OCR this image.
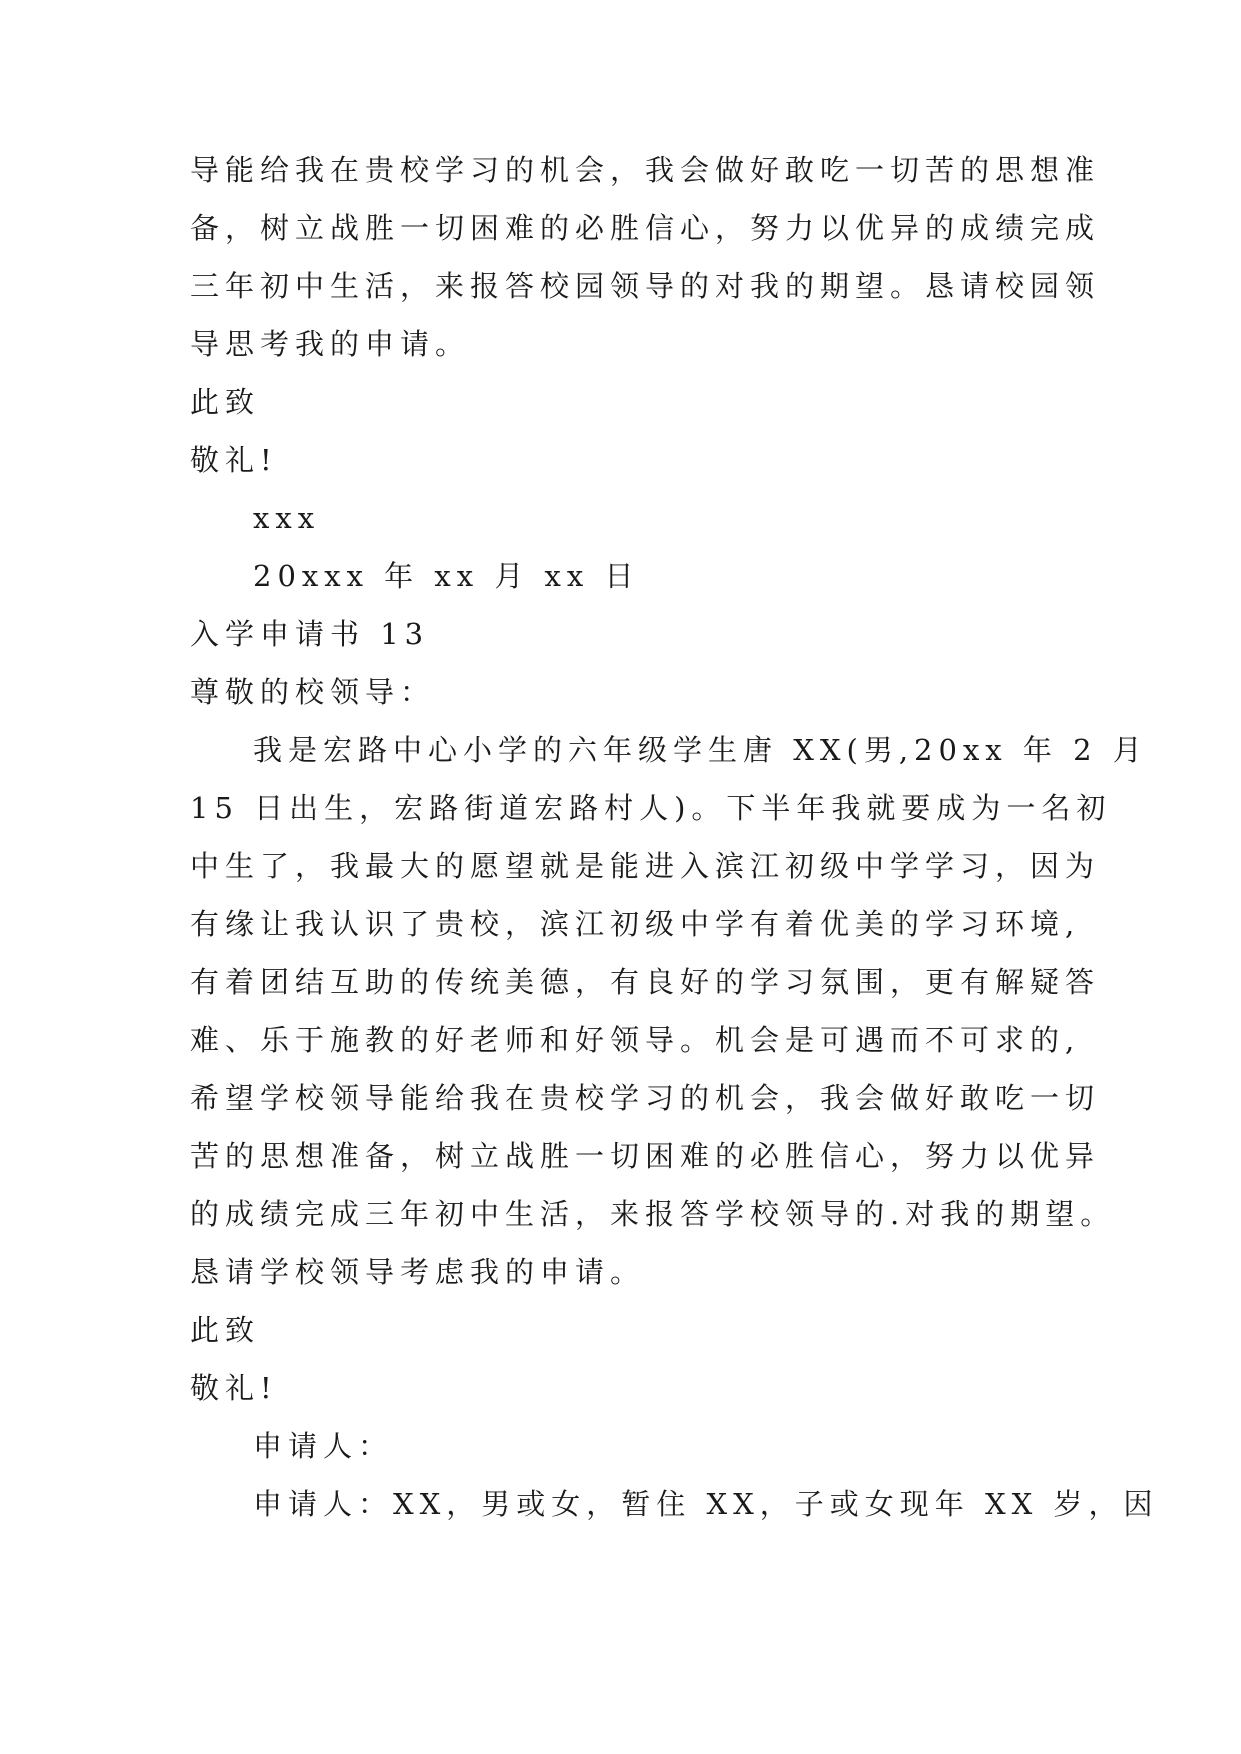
导能给我在贵校学习的机会，我会做好敢吃一切苦的思想准
备，树立战胜一切困难的必胜信心，努力以优异的成绩完成
三年初中生活，来报答校园领导的对我的期望。恳请校园领
导思考我的申请。
此致
敬礼!
xxx
20xxx 年 xx 月 xx 日
入学申请书 13
尊敬的校领导：
我是宏路中心小学的六年级学生唐 XX(男,20xx 年 2 月
15 日出生，宏路街道宏路村人)。下半年我就要成为一名初
中生了，我最大的愿望就是能进入滨江初级中学学习，因为
有缘让我认识了贵校，滨江初级中学有着优美的学习环境,
有着团结互助的传统美德，有良好的学习氛围，更有解疑答
难、乐于施教的好老师和好领导。机会是可遇而不可求的,
希望学校领导能给我在贵校学习的机会，我会做好敢吃一切
苦的思想准备，树立战胜一切困难的必胜信心，努力以优异
的成绩完成三年初中生活，来报答学校领导的.对我的期望。
恳请学校领导考虑我的申请。
此致
敬礼!
申请人：
申请人：XX，男或女，暂住 XX，子或女现年 XX 岁，因
